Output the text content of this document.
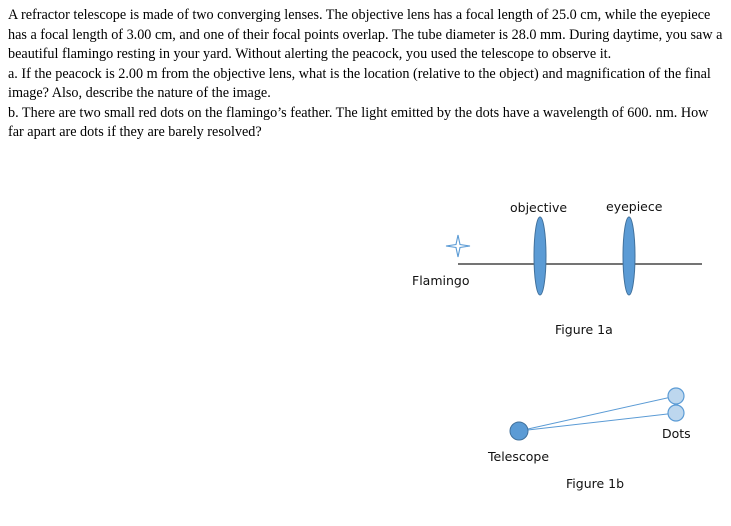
A refractor telescope is made of two converging lenses. The objective lens has a focal length of 25.0 cm, while the eyepiece has a focal length of 3.00 cm, and one of their focal points overlap. The tube diameter is 28.0 mm. During daytime, you saw a beautiful flamingo resting in your yard. Without alerting the peacock, you used the telescope to observe it.

a. If the peacock is 2.00 m from the objective lens, what is the location (relative to the object) and magnification of the final image? Also, describe the nature of the image.

b. There are two small red dots on the flamingo’s feather. The light emitted by the dots have a wavelength of 600. nm. How far apart are dots if they are barely resolved?

objective	eyepiece
Flamingo
Figure 1a
Dots
Telescope
Figure 1b
